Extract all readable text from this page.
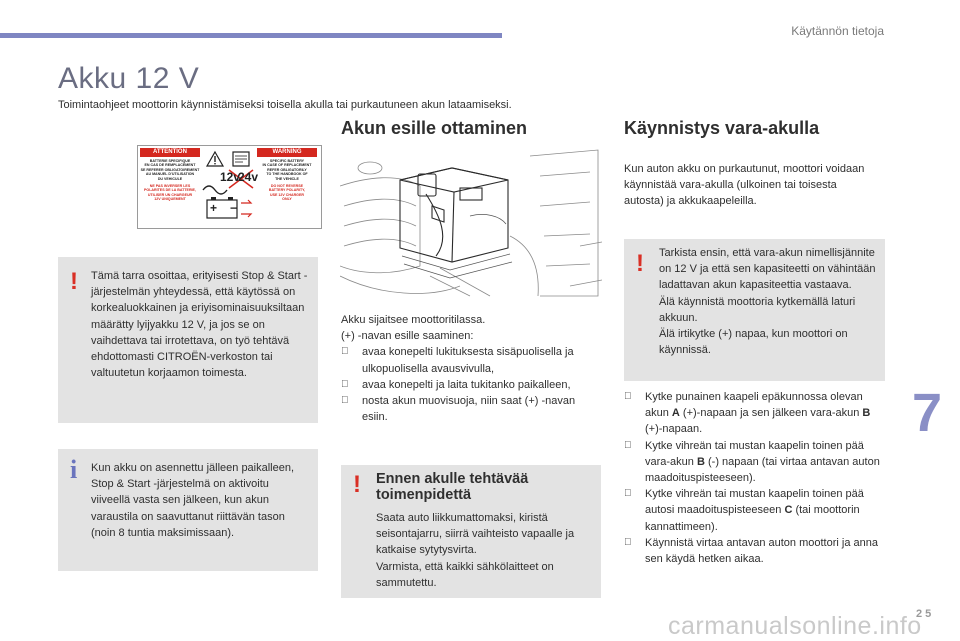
Käytännön tietoja
Akku 12 V
Toimintaohjeet moottorin käynnistämiseksi toisella akulla tai purkautuneen akun lataamiseksi.
ATTENTION	WARNING
BATTERIE SPECIFIQUE
EN CAS DE REMPLACEMENT
SE REFERER OBLIGATOIREMENT
AU MANUEL D'UTILISATION
DU VEHICULE
NE PAS INVERSER LES
POLARITES DE LA BATTERIE,
UTILISER UN CHARGEUR
12V UNIQUEMENT
SPECIFIC BATTERY
IN CASE OF REPLACEMENT
REFER OBLIGATORILY
TO THE HANDBOOK OF
THE VEHICLE
DO NOT REVERSE
BATTERY POLARITY,
USE 12V CHARGER
ONLY
12v
24v
+ −
! Tämä tarra osoittaa, erityisesti Stop & Start -järjestelmän yhteydessä, että käytössä on korkealuokkainen ja eriyisominaisuuksiltaan määrätty lyijyakku 12 V, ja jos se on vaihdettava tai irrotettava, on työ tehtävä ehdottomasti CITROËN-verkoston tai valtuutetun korjaamon toimesta.
i Kun akku on asennettu jälleen paikalleen, Stop & Start -järjestelmä on aktivoitu viiveellä vasta sen jälkeen, kun akun varaustila on saavuttanut riittävän tason (noin 8 tuntia maksimissaan).
Akun esille ottaminen
Akku sijaitsee moottoritilassa.
(+) -navan esille saaminen:
avaa konepelti lukituksesta sisäpuolisella ja ulkopuolisella avausvivulla,
avaa konepelti ja laita tukitanko paikalleen,
nosta akun muovisuoja, niin saat (+) -navan esiin.
! Ennen akulle tehtävää toimenpidettä
Saata auto liikkumattomaksi, kiristä seisontajarru, siirrä vaihteisto vapaalle ja katkaise sytytysvirta.
Varmista, että kaikki sähkölaitteet on sammutettu.
Käynnistys vara-akulla
Kun auton akku on purkautunut, moottori voidaan käynnistää vara-akulla (ulkoinen tai toisesta autosta) ja akkukaapeleilla.
! Tarkista ensin, että vara-akun nimellisjännite on 12 V ja että sen kapasiteetti on vähintään ladattavan akun kapasiteettia vastaava.
Älä käynnistä moottoria kytkemällä laturi akkuun.
Älä irtikytke (+) napaa, kun moottori on käynnissä.
Kytke punainen kaapeli epäkunnossa olevan akun A (+)-napaan ja sen jälkeen vara-akun B (+)-napaan.
Kytke vihreän tai mustan kaapelin toinen pää vara-akun B (-) napaan (tai virtaa antavan auton maadoituspisteeseen).
Kytke vihreän tai mustan kaapelin toinen pää autosi maadoituspisteeseen C (tai moottorin kannattimeen).
Käynnistä virtaa antavan auton moottori ja anna sen käydä hetken aikaa.
7
carmanualsonline.info
2 5
